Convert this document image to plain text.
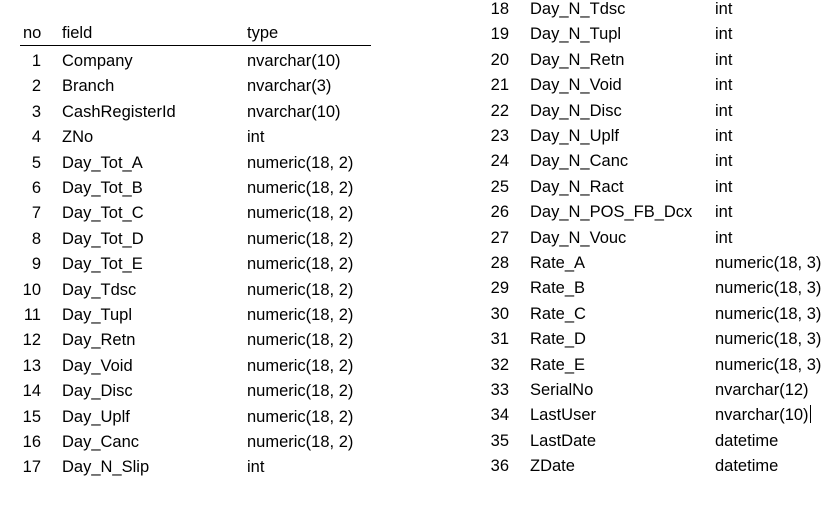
no field	type
1 Company	nvarchar(10)
2 Branch	nvarchar(3)
3 CashRegisterId	nvarchar(10)
4 ZNo	int
5 Day_Tot_A	numeric(18, 2)
6 Day_Tot_B	numeric(18, 2)
7 Day_Tot_C	numeric(18, 2)
8 Day_Tot_D	numeric(18, 2)
9 Day_Tot_E	numeric(18, 2)
10 Day_Tdsc	numeric(18, 2)
11 Day_Tupl	numeric(18, 2)
12 Day_Retn	numeric(18, 2)
13 Day_Void	numeric(18, 2)
14 Day_Disc	numeric(18, 2)
15 Day_Uplf	numeric(18, 2)
16 Day_Canc	numeric(18, 2)
17 Day_N_Slip	int
18 Day_N_Tdsc	int
19 Day_N_Tupl	int
20 Day_N_Retn	int
21 Day_N_Void	int
22 Day_N_Disc	int
23 Day_N_Uplf	int
24 Day_N_Canc	int
25 Day_N_Ract	int
26 Day_N_POS_FB_Dcx int
27 Day_N_Vouc	int
28 Rate_A	numeric(18, 3)
29 Rate_B	numeric(18, 3)
30 Rate_C	numeric(18, 3)
31 Rate_D	numeric(18, 3)
32 Rate_E	numeric(18, 3)
33 SerialNo	nvarchar(12)
34 LastUser	nvarchar(10)
35 LastDate	datetime
36 ZDate	datetime
